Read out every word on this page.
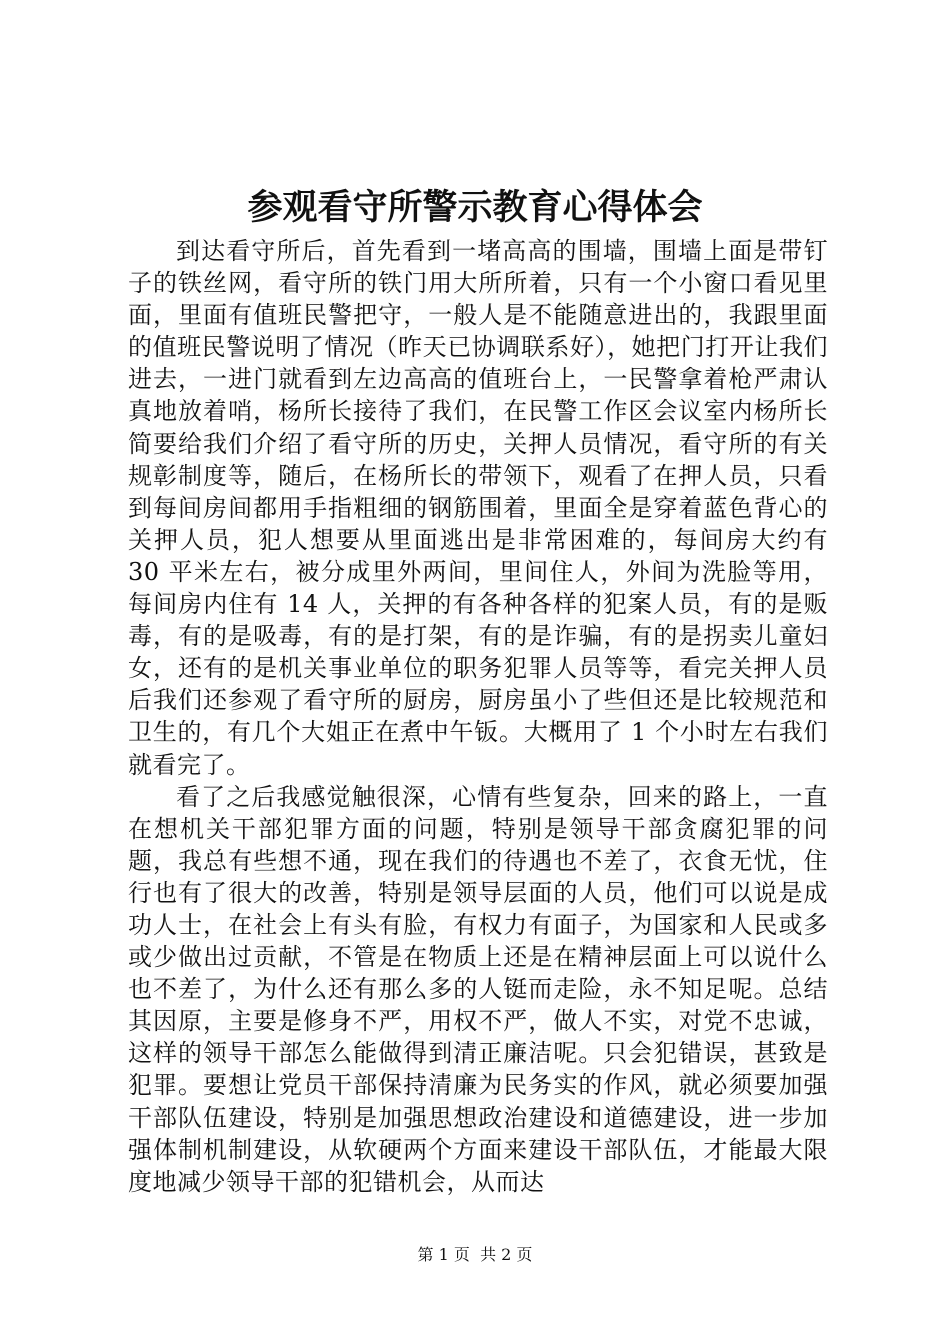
参观看守所警示教育心得体会

到达看守所后，首先看到一堵高高的围墙，围墙上面是带钉子的铁丝网，看守所的铁门用大所所着，只有一个小窗口看见里面，里面有值班民警把守，一般人是不能随意进出的，我跟里面的值班民警说明了情况（昨天已协调联系好），她把门打开让我们进去，一进门就看到左边高高的值班台上，一民警拿着枪严肃认真地放着哨，杨所长接待了我们，在民警工作区会议室内杨所长简要给我们介绍了看守所的历史，关押人员情况，看守所的有关规彰制度等，随后，在杨所长的带领下，观看了在押人员，只看到每间房间都用手指粗细的钢筋围着，里面全是穿着蓝色背心的关押人员，犯人想要从里面逃出是非常困难的，每间房大约有 30 平米左右，被分成里外两间，里间住人，外间为洗脸等用，每间房内住有 14 人，关押的有各种各样的犯案人员，有的是贩毒，有的是吸毒，有的是打架，有的是诈骗，有的是拐卖儿童妇女，还有的是机关事业单位的职务犯罪人员等等，看完关押人员后我们还参观了看守所的厨房，厨房虽小了些但还是比较规范和卫生的，有几个大姐正在煮中午钣。大概用了 1 个小时左右我们就看完了。

看了之后我感觉触很深，心情有些复杂，回来的路上，一直在想机关干部犯罪方面的问题，特别是领导干部贪腐犯罪的问题，我总有些想不通，现在我们的待遇也不差了，衣食无忧，住行也有了很大的改善，特别是领导层面的人员，他们可以说是成功人士，在社会上有头有脸，有权力有面子，为国家和人民或多或少做出过贡献，不管是在物质上还是在精神层面上可以说什么也不差了，为什么还有那么多的人铤而走险，永不知足呢。总结其因原，主要是修身不严，用权不严，做人不实，对党不忠诚，这样的领导干部怎么能做得到清正廉洁呢。只会犯错误，甚致是犯罪。要想让党员干部保持清廉为民务实的作风，就必须要加强干部队伍建设，特别是加强思想政治建设和道德建设，进一步加强体制机制建设，从软硬两个方面来建设干部队伍，才能最大限度地减少领导干部的犯错机会，从而达

第 1 页  共 2 页
